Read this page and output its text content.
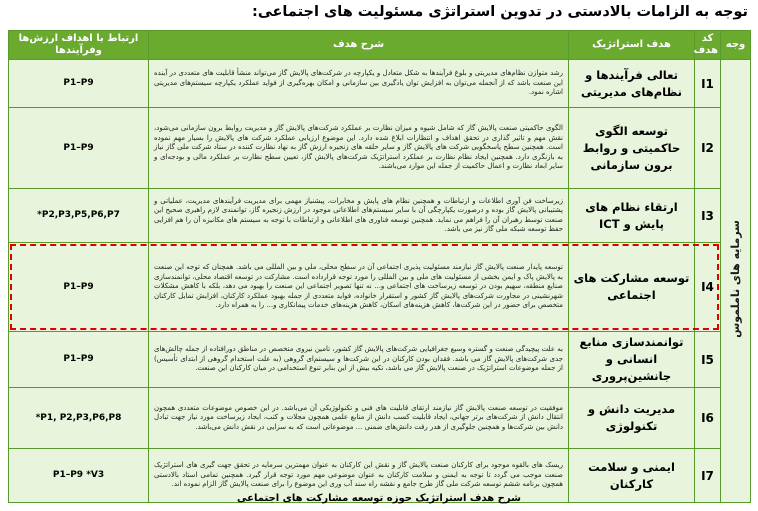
توجه به الزامات بالادستی در تدوین استراتژی مسئولیت های اجتماعی:
وجه	کد هدف	هدف استراتژیک	شرح هدف	ارتباط با اهداف ارزش‌ها وفرآیندها
سرمایه های ناملموس	I1	تعالی فرآیندها و نظام‌های مدیریتی	رشد متوازن نظام‌های مدیریتی و بلوغ فرآیندها به شکل متعادل و یکپارچه در شرکت‌های پالایش گاز می‌تواند منشأ قابلیت های متعددی در آینده این صنعت باشد که از آنجمله می‌توان به افزایش توان یادگیری بین سازمانی و امکان بهره‌گیری از فواید عملکرد یکپارچه سیستم‌های مدیریتی اشاره نمود.	P1–P9
	I2	توسعه الگوی حاکمیتی و روابط برون سازمانی	الگوی حاکمیتی صنعت پالایش گاز که شامل شیوه و میزان نظارت بر عملکرد شرکت‌های پالایش گاز و مدیریت روابط برون سازمانی می‌شود، نقش مهم و تاثیر گذاری در تحقق اهداف و انتظارات ابلاغ شده دارد. این موضوع ارزیابی عملکرد شرکت های پالایش را بسیار مهم نموده است. همچنین سطح پاسخگویی شرکت های پالایش گاز و سایر حلقه های زنجیره ارزش گاز به نهاد نظارت کننده در ستاد شرکت ملی گاز نیاز به بازنگری دارد. همچنین ایجاد نظام نظارت بر عملکرد استراتژیک شرکت‌های پالایش گاز، تعیین سطح نظارت بر عملکرد مالی و بودجه‌ای و سایر ابعاد نظارت و اعمال حاکمیت از جمله این موارد می‌باشند.	P1–P9
	I3	ارتقاء نظام های پایش و ICT	زیرساخت فن آوری اطلاعات و ارتباطات و همچنین نظام های پایش و مخابرات، پیشنیاز مهمی برای مدیریت فرآیندهای مدیریت، عملیاتی و پشتیبانی پالایش گاز بوده و درصورت یکپارچگی آن با سایر سیستم‌های اطلاعاتی موجود در ارزش زنجیره گاز، توانمندی لازم راهبری صحیح این صنعت توسط رهبران آن را فراهم می نماید. همچنین توسعه فناوری های اطلاعاتی و ارتباطات با توجه به سیستم های مکانیزه آن را هم افزایی حفظ توسعه شبکه ملی گاز نیز می باشد.	*P2,P3,P5,P6,P7
	I4	توسعه مشارکت های اجتماعی	توسعه پایدار صنعت پالایش گاز نیازمند مسئولیت پذیری اجتماعی آن در سطح محلی، ملی و بین المللی می باشد. همچنان که توجه این صنعت به پالایش پاک و ایمن بخشی از مسئولیت های ملی و بین المللی را مورد توجه قرارداده است. مشارکت در توسعه اقتصاد محلی، توانمندسازی صنایع منطقه، سهیم بودن در توسعه زیرساخت های اجتماعی و... نه تنها تصویر اجتماعی این صنعت را بهبود می دهد، بلکه با کاهش مشکلات شهرنشینی در مجاورت شرکت‌های پالایش گاز کشور و استقرار خانواده، فواید متعددی از جمله بهبود عملکرد کارکنان، افزایش تمایل کارکنان متخصص برای حضور در این شرکت‌ها، کاهش هزینه‌های اسکان، کاهش هزینه‌های خدمات پیمانکاری و... را به همراه دارد.	P1–P9
	I5	توانمندسازی منابع انسانی و جانشین‌پروری	به علت پیچیدگی صنعت و گستره وسیع جغرافیایی شرکت‌های پالایش گاز کشور، تامین نیروی متخصص در مناطق دورافتاده از جمله چالش‌های جدی شرکت‌های پالایش گاز می باشد. فقدان بودن کارکنان در این شرکت‌ها و سیستم‌ای گروهی (به علت استخدام گروهی از ابتدای تأسیس) از جمله موضوعات استراتژیک در صنعت پالایش گاز می باشد، تکیه بیش از این بنابر تنوع استخدامی در میان کارکنان این صنعت.	P1–P9
	I6	مدیریت دانش و تکنولوژی	موفقیت در توسعه صنعت پالایش گاز نیازمند ارتقای قابلیت های فنی و تکنولوژیکی آن می‌باشد. در این خصوص موضوعات متعددی همچون انتقال دانش از شرکت‌های برتر جهانی، ایجاد قابلیت کسب دانش از منابع علمی همچون مجلات و کتب، ایجاد زیرساخت مورد نیاز جهت تبادل دانش بین شرکت‌ها و همچنین جلوگیری از هدر رفت دانش‌های ضمنی ... موضوعاتی است که به سزایی در نقش دانش می‌باشد.	*P1, P2,P3,P6,P8
	I7	ایمنی و سلامت کارکنان	ریسک های بالقوه موجود برای کارکنان صنعت پالایش گاز و نقش این کارکنان به عنوان مهمترین سرمایه در تحقق جهت گیری های استراتژیک صنعت موجب می گردد تا توجه به ایمنی و سلامت کارکنان به عنوان موضوعی مهم مورد توجه قرار گیرد. همچنین تمامی استاد بالادستی همچون برنامه ششم توسعه شرکت ملی گاز طرح جامع و نقشه راه سند آب وری این موضوع را برای صنعت پالایش گاز الزام نموده اند.	P1–P9 *V3
شرح هدف استراتژیک حوزه توسعه مشارکت های اجتماعی
